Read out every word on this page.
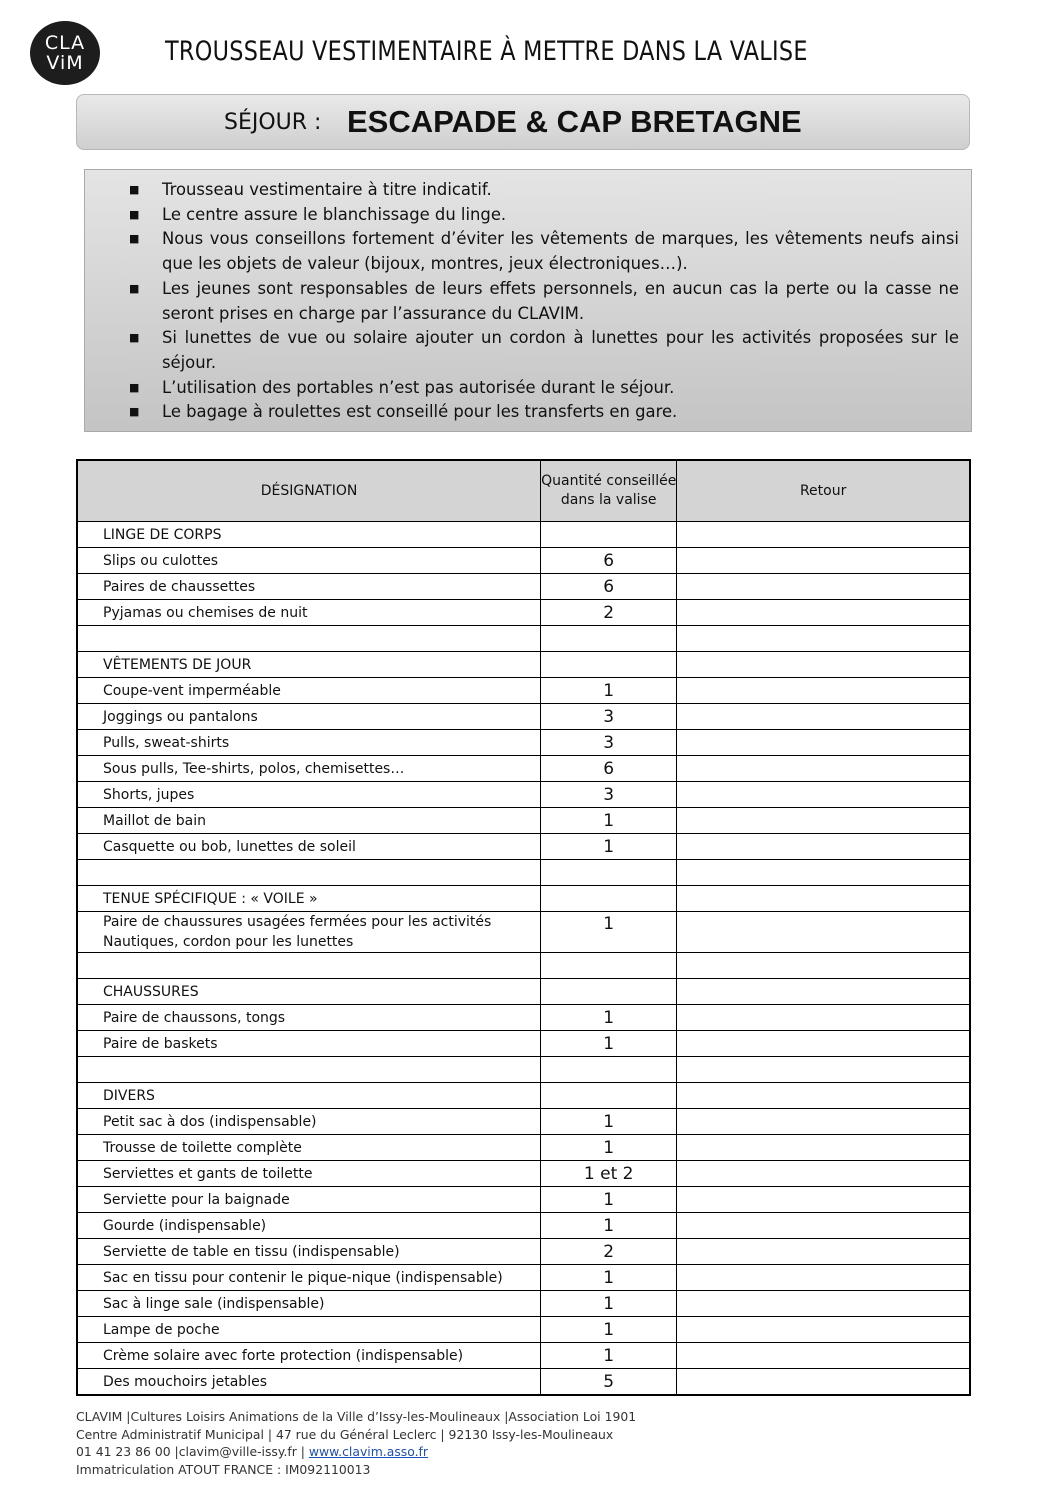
CLA
ViM	TROUSSEAU VESTIMENTAIRE À METTRE DANS LA VALISE
SÉJOUR : ESCAPADE & CAP BRETAGNE
■ Trousseau vestimentaire à titre indicatif.
■ Le centre assure le blanchissage du linge.
■ Nous vous conseillons fortement d’éviter les vêtements de marques, les vêtements neufs ainsi que les objets de valeur (bijoux, montres, jeux électroniques…).
■ Les jeunes sont responsables de leurs effets personnels, en aucun cas la perte ou la casse ne seront prises en charge par l’assurance du CLAVIM.
■ Si lunettes de vue ou solaire ajouter un cordon à lunettes pour les activités proposées sur le séjour.
■ L’utilisation des portables n’est pas autorisée durant le séjour.
■ Le bagage à roulettes est conseillé pour les transferts en gare.
DÉSIGNATION	Quantité conseillée dans la valise	Retour
LINGE DE CORPS		
Slips ou culottes	6	
Paires de chaussettes	6	
Pyjamas ou chemises de nuit	2	

VÊTEMENTS DE JOUR		
Coupe-vent imperméable	1	
Joggings ou pantalons	3	
Pulls, sweat-shirts	3	
Sous pulls, Tee-shirts, polos, chemisettes…	6	
Shorts, jupes	3	
Maillot de bain	1	
Casquette ou bob, lunettes de soleil	1	

TENUE SPÉCIFIQUE : « VOILE »		
Paire de chaussures usagées fermées pour les activités Nautiques, cordon pour les lunettes	1	

CHAUSSURES		
Paire de chaussons, tongs	1	
Paire de baskets	1	

DIVERS		
Petit sac à dos (indispensable)	1	
Trousse de toilette complète	1	
Serviettes et gants de toilette	1 et 2	
Serviette pour la baignade	1	
Gourde (indispensable)	1	
Serviette de table en tissu (indispensable)	2	
Sac en tissu pour contenir le pique-nique (indispensable)	1	
Sac à linge sale (indispensable)	1	
Lampe de poche	1	
Crème solaire avec forte protection (indispensable)	1	
Des mouchoirs jetables	5	
CLAVIM |Cultures Loisirs Animations de la Ville d’Issy-les-Moulineaux |Association Loi 1901
Centre Administratif Municipal | 47 rue du Général Leclerc | 92130 Issy-les-Moulineaux
01 41 23 86 00 |clavim@ville-issy.fr | www.clavim.asso.fr
Immatriculation ATOUT FRANCE : IM092110013
